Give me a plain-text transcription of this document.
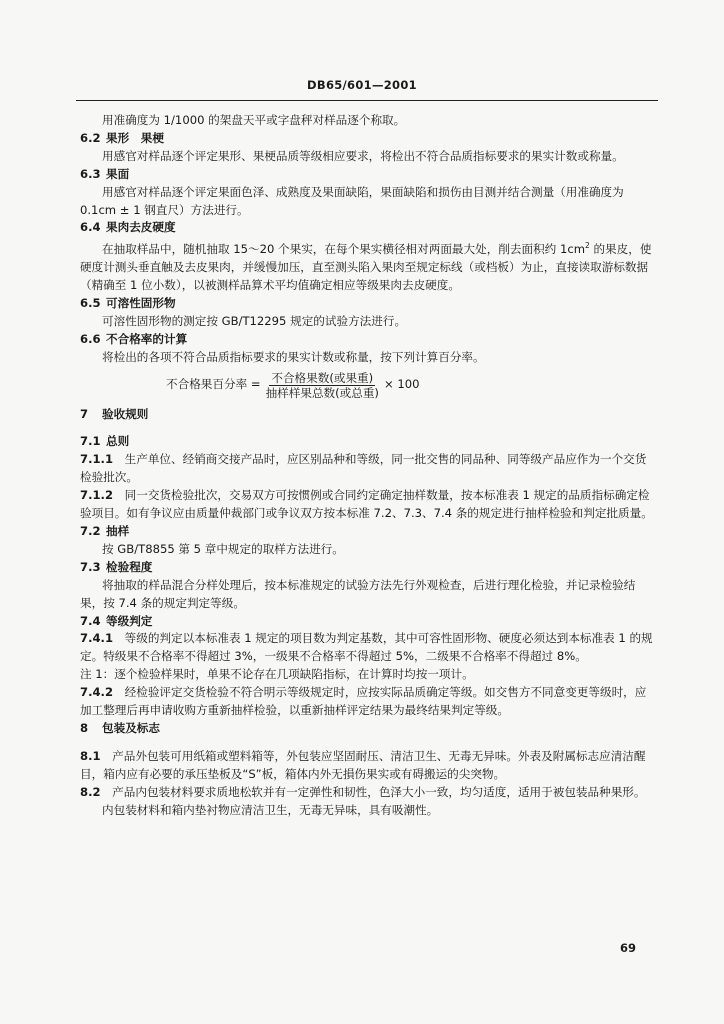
DB65/601—2001

用准确度为 1/1000 的架盘天平或字盘秤对样品逐个称取。

6.2 果形　果梗

用感官对样品逐个评定果形、果梗品质等级相应要求，将检出不符合品质指标要求的果实计数或称量。

6.3 果面

用感官对样品逐个评定果面色泽、成熟度及果面缺陷，果面缺陷和损伤由目测并结合测量（用准确度为 0.1cm ± 1 钢直尺）方法进行。

6.4 果肉去皮硬度

在抽取样品中，随机抽取 15～20 个果实，在每个果实横径相对两面最大处，削去面积约 $1cm^2$ 的果皮，使硬度计测头垂直触及去皮果肉，并缓慢加压，直至测头陷入果肉至规定标线（或档板）为止，直接读取游标数据（精确至 1 位小数），以被测样品算术平均值确定相应等级果肉去皮硬度。

6.5 可溶性固形物

可溶性固形物的测定按 GB/T12295 规定的试验方法进行。

6.6 不合格率的计算

将检出的各项不符合品质指标要求的果实计数或称量，按下列计算百分率。

不合格果百分率 = $\frac{\text{不合格果数(或果重)}}{\text{抽样样果总数(或总重)}} \times 100$

7 验收规则

7.1 总则

7.1.1　 生产单位、经销商交接产品时，应区别品种和等级，同一批交售的同品种、同等级产品应作为一个交货检验批次。

7.1.2　 同一交货检验批次，交易双方可按惯例或合同约定确定抽样数量，按本标准表 1 规定的品质指标确定检验项目。如有争议应由质量仲裁部门或争议双方按本标准 7.2、7.3、7.4 条的规定进行抽样检验和判定批质量。

7.2 抽样

按 GB/T8855 第 5 章中规定的取样方法进行。

7.3 检验程度

将抽取的样品混合分样处理后，按本标准规定的试验方法先行外观检查，后进行理化检验，并记录检验结果，按 7.4 条的规定判定等级。

7.4 等级判定

7.4.1　 等级的判定以本标准表 1 规定的项目数为判定基数，其中可容性固形物、硬度必须达到本标准表 1 的规定。特级果不合格率不得超过 3%，一级果不合格率不得超过 5%，二级果不合格率不得超过 8%。

注 1：逐个检验样果时，单果不论存在几项缺陷指标，在计算时均按一项计。

7.4.2　 经检验评定交货检验不符合明示等级规定时，应按实际品质确定等级。如交售方不同意变更等级时，应加工整理后再申请收购方重新抽样检验，以重新抽样评定结果为最终结果判定等级。

8 包装及标志

8.1　 产品外包装可用纸箱或塑料箱等，外包装应坚固耐压、清洁卫生、无毒无异味。外表及附属标志应清洁醒目，箱内应有必要的承压垫板及“S”板，箱体内外无損伤果实或有碍搬运的尖突物。

8.2　 产品内包装材料要求质地松软并有一定弹性和韧性，色泽大小一致，均匀适度，适用于被包装品种果形。

内包装材料和箱内垫衬物应清洁卫生，无毒无异味，具有吸潮性。

69
